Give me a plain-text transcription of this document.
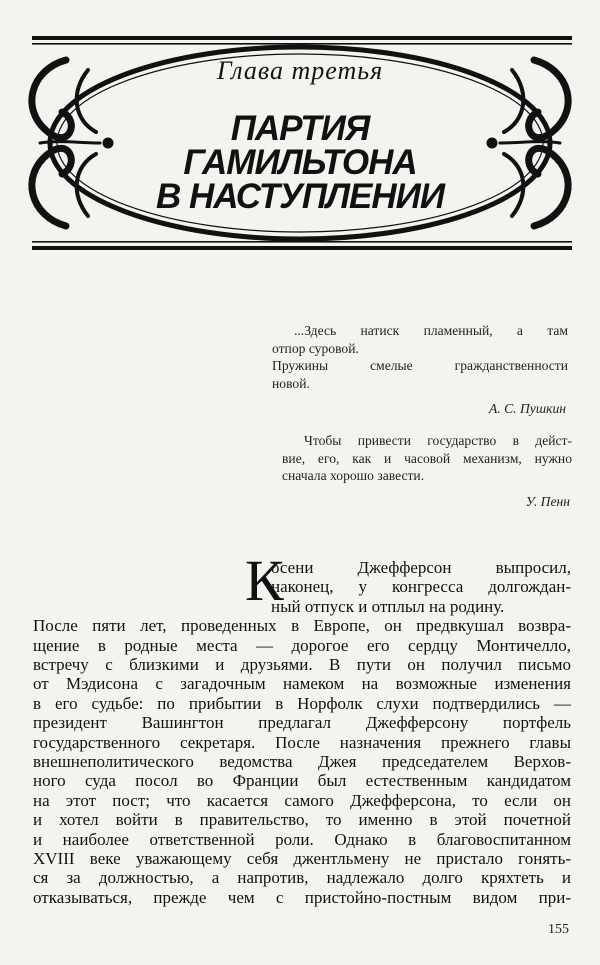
Глава третья
ПАРТИЯ
ГАМИЛЬТОНА
В НАСТУПЛЕНИИ

...Здесь натиск пламенный, а там

отпор суровой.

Пружины смелые гражданственности

новой.

А. С. Пушкин

Чтобы привести государство в дейст-

вие, его, как и часовой механизм, нужно

сначала хорошо завести.

У. Пенн

К
осени Джефферсон выпросил,
наконец, у конгресса долгождан-
ный отпуск и отплыл на родину.

После пяти лет, проведенных в Европе, он предвкушал возвра-

щение в родные места — дорогое его сердцу Монтичелло,

встречу с близкими и друзьями. В пути он получил письмо

от Мэдисона с загадочным намеком на возможные изменения

в его судьбе: по прибытии в Норфолк слухи подтвердились —

президент Вашингтон предлагал Джефферсону портфель

государственного секретаря. После назначения прежнего главы

внешнеполитического ведомства Джея председателем Верхов-

ного суда посол во Франции был естественным кандидатом

на этот пост; что касается самого Джефферсона, то если он

и хотел войти в правительство, то именно в этой почетной

и наиболее ответственной роли. Однако в благовоспитанном

XVIII веке уважающему себя джентльмену не пристало гонять-

ся за должностью, а напротив, надлежало долго кряхтеть и

отказываться, прежде чем с пристойно-постным видом при-

155
